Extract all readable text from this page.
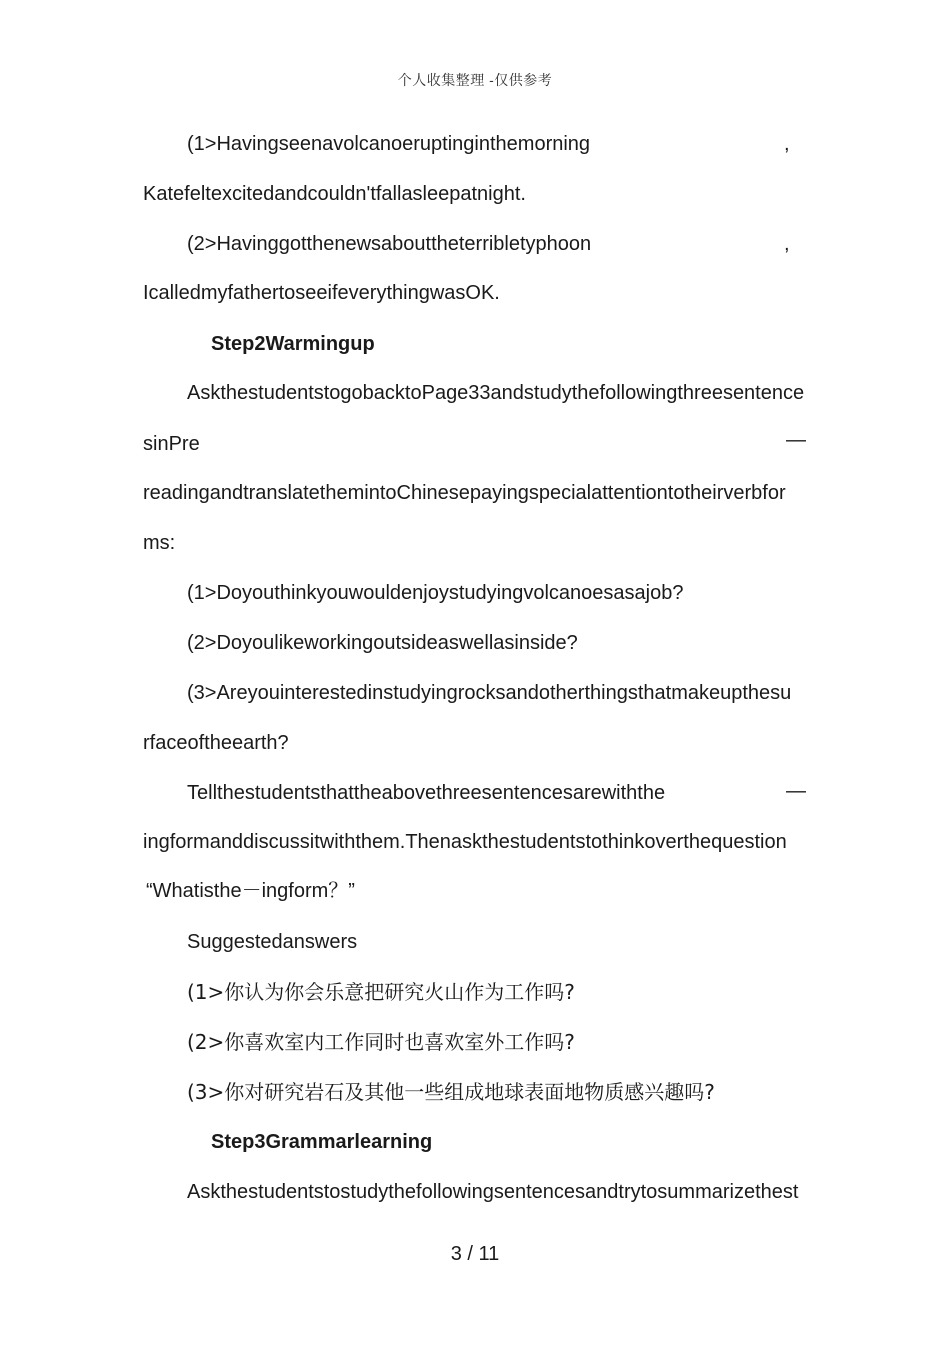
个人收集整理 -仅供参考
(1>Havingseenavolcanoeruptinginthemorning	,
Katefeltexcitedandcouldn'tfallasleepatnight.
(2>Havinggotthenewsabouttheterribletyphoon	,
IcalledmyfathertoseeifeverythingwasOK.
Step2Warmingup
AskthestudentstogobacktoPage33andstudythefollowingthreesentence
sinPre	—
readingandtranslatethemintoChinesepayingspecialattentiontotheirverbfor
ms:
(1>Doyouthinkyouwouldenjoystudyingvolcanoesasajob?
(2>Doyoulikeworkingoutsideaswellasinside?
(3>Areyouinterestedinstudyingrocksandotherthingsthatmakeupthesu
rfaceoftheearth?
Tellthestudentsthattheabovethreesentencesarewiththe	—
ingformanddiscussitwiththem.Thenaskthestudentstothinkoverthequestion
“Whatisthe－ingform？”
Suggestedanswers
(1>你认为你会乐意把研究火山作为工作吗?
(2>你喜欢室内工作同时也喜欢室外工作吗?
(3>你对研究岩石及其他一些组成地球表面地物质感兴趣吗?
Step3Grammarlearning
Askthestudentstostudythefollowingsentencesandtrytosummarizethest
3 / 11
